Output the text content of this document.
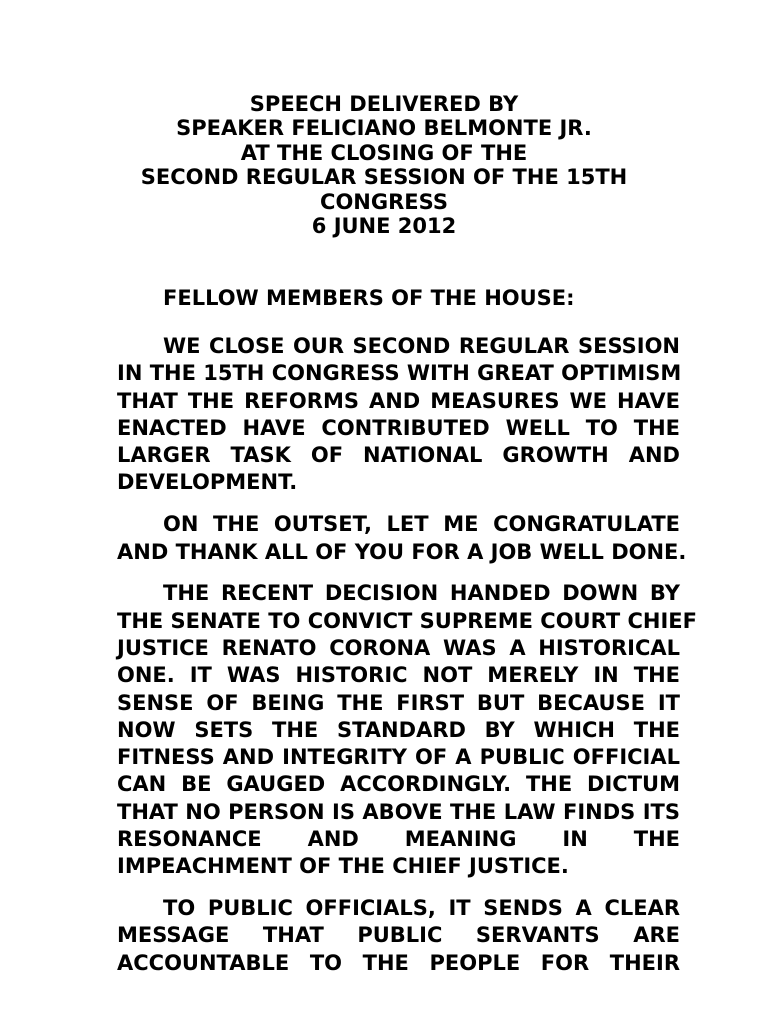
SPEECH DELIVERED BY
SPEAKER FELICIANO BELMONTE JR.
AT THE CLOSING OF THE
SECOND REGULAR SESSION OF THE 15TH
CONGRESS
6 JUNE 2012
FELLOW MEMBERS OF THE HOUSE:
WE CLOSE OUR SECOND REGULAR SESSION
IN THE 15TH CONGRESS WITH GREAT OPTIMISM
THAT THE REFORMS AND MEASURES WE HAVE
ENACTED HAVE CONTRIBUTED WELL TO THE
LARGER TASK OF NATIONAL GROWTH AND
DEVELOPMENT.
ON THE OUTSET, LET ME CONGRATULATE
AND THANK ALL OF YOU FOR A JOB WELL DONE.
THE RECENT DECISION HANDED DOWN BY
THE SENATE TO CONVICT SUPREME COURT CHIEF
JUSTICE RENATO CORONA WAS A HISTORICAL
ONE. IT WAS HISTORIC NOT MERELY IN THE
SENSE OF BEING THE FIRST BUT BECAUSE IT
NOW SETS THE STANDARD BY WHICH THE
FITNESS AND INTEGRITY OF A PUBLIC OFFICIAL
CAN BE GAUGED ACCORDINGLY. THE DICTUM
THAT NO PERSON IS ABOVE THE LAW FINDS ITS
RESONANCE AND MEANING IN THE
IMPEACHMENT OF THE CHIEF JUSTICE.
TO PUBLIC OFFICIALS, IT SENDS A CLEAR
MESSAGE THAT PUBLIC SERVANTS ARE
ACCOUNTABLE TO THE PEOPLE FOR THEIR
